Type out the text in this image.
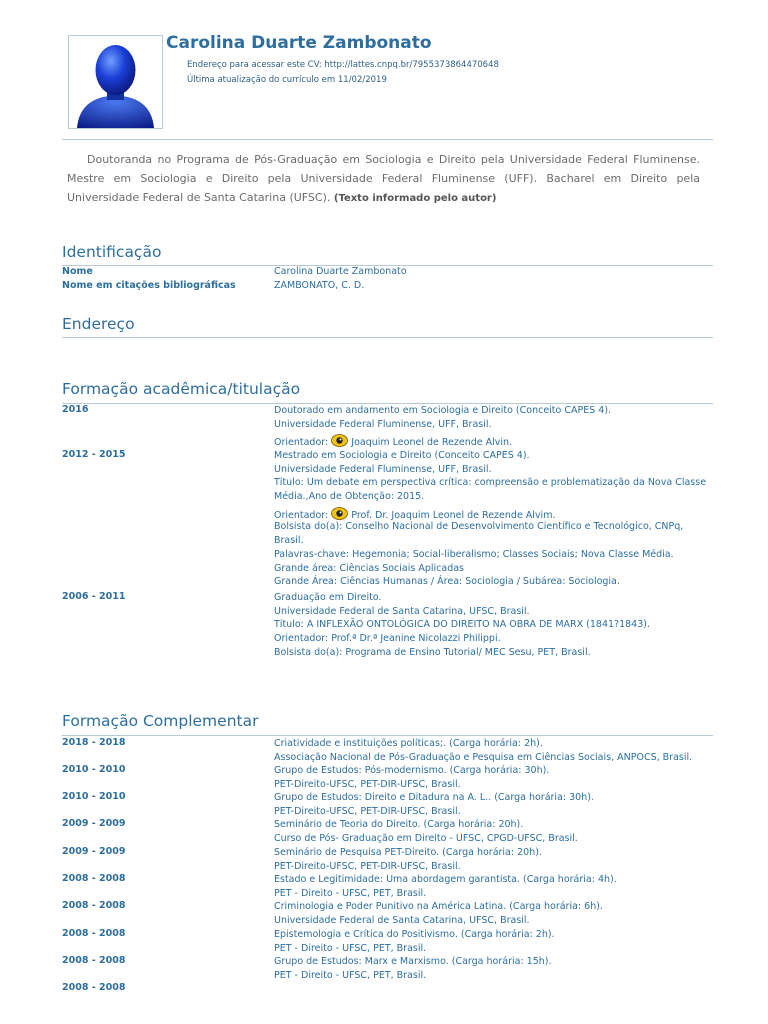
Carolina Duarte Zambonato
Endereço para acessar este CV: http://lattes.cnpq.br/7955373864470648
Última atualização do currículo em 11/02/2019
Doutoranda no Programa de Pós-Graduação em Sociologia e Direito pela Universidade Federal Fluminense. Mestre em Sociologia e Direito pela Universidade Federal Fluminense (UFF). Bacharel em Direito pela Universidade Federal de Santa Catarina (UFSC). (Texto informado pelo autor)
Identificação
Nome	Carolina Duarte Zambonato
Nome em citações bibliográficas	ZAMBONATO, C. D.
Endereço
Formação acadêmica/titulação
2016	Doutorado em andamento em Sociologia e Direito (Conceito CAPES 4).
Universidade Federal Fluminense, UFF, Brasil.
Orientador:  Joaquim Leonel de Rezende Alvin.
2012 - 2015	Mestrado em Sociologia e Direito (Conceito CAPES 4).
Universidade Federal Fluminense, UFF, Brasil.
Título: Um debate em perspectiva crítica: compreensão e problematização da Nova Classe
Média.,Ano de Obtenção: 2015.
Orientador:  Prof. Dr. Joaquim Leonel de Rezende Alvim.
Bolsista do(a): Conselho Nacional de Desenvolvimento Científico e Tecnológico, CNPq,
Brasil.
Palavras-chave: Hegemonia; Social-liberalismo; Classes Sociais; Nova Classe Média.
Grande área: Ciências Sociais Aplicadas
Grande Área: Ciências Humanas / Área: Sociologia / Subárea: Sociologia.
2006 - 2011	Graduação em Direito.
Universidade Federal de Santa Catarina, UFSC, Brasil.
Título: A INFLEXÃO ONTOLÓGICA DO DIREITO NA OBRA DE MARX (1841?1843).
Orientador: Prof.ª Dr.ª Jeanine Nicolazzi Philippi.
Bolsista do(a): Programa de Ensino Tutorial/ MEC Sesu, PET, Brasil.
Formação Complementar
2018 - 2018	Criatividade e instituições políticas;. (Carga horária: 2h).
Associação Nacional de Pós-Graduação e Pesquisa em Ciências Sociais, ANPOCS, Brasil.
2010 - 2010	Grupo de Estudos: Pós-modernismo. (Carga horária: 30h).
PET-Direito-UFSC, PET-DIR-UFSC, Brasil.
2010 - 2010	Grupo de Estudos: Direito e Ditadura na A. L.. (Carga horária: 30h).
PET-Direito-UFSC, PET-DIR-UFSC, Brasil.
2009 - 2009	Seminário de Teoria do Direito. (Carga horária: 20h).
Curso de Pós- Graduação em Direito - UFSC, CPGD-UFSC, Brasil.
2009 - 2009	Seminário de Pesquisa PET-Direito. (Carga horária: 20h).
PET-Direito-UFSC, PET-DIR-UFSC, Brasil.
2008 - 2008	Estado e Legitimidade: Uma abordagem garantista. (Carga horária: 4h).
PET - Direito - UFSC, PET, Brasil.
2008 - 2008	Criminologia e Poder Punitivo na América Latina. (Carga horária: 6h).
Universidade Federal de Santa Catarina, UFSC, Brasil.
2008 - 2008	Epistemologia e Crítica do Positivismo. (Carga horária: 2h).
PET - Direito - UFSC, PET, Brasil.
2008 - 2008	Grupo de Estudos: Marx e Marxismo. (Carga horária: 15h).
PET - Direito - UFSC, PET, Brasil.
2008 - 2008
